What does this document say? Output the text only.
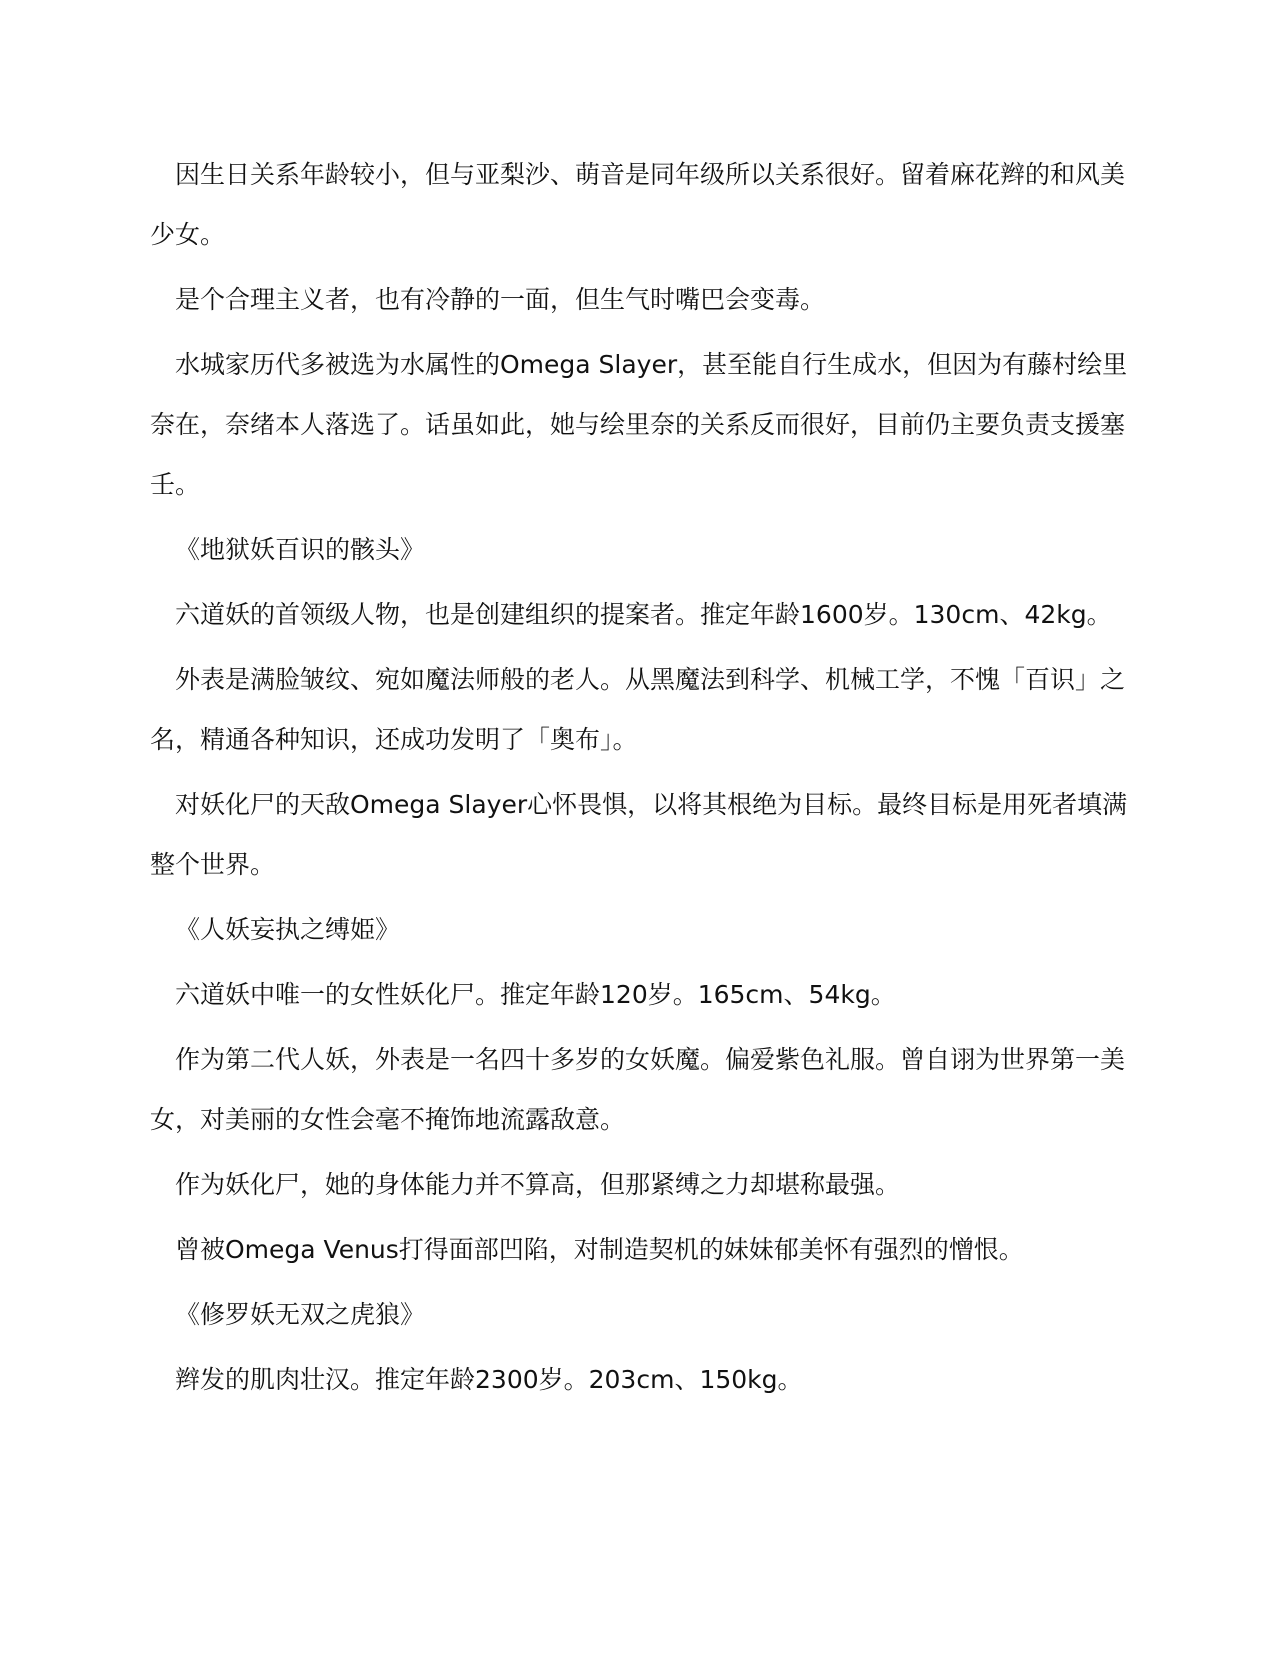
因生日关系年龄较小，但与亚梨沙、萌音是同年级所以关系很好。留着麻花辫的和风美少女。

是个合理主义者，也有冷静的一面，但生气时嘴巴会变毒。

水城家历代多被选为水属性的Omega Slayer，甚至能自行生成水，但因为有藤村绘里奈在，奈绪本人落选了。话虽如此，她与绘里奈的关系反而很好，目前仍主要负责支援塞壬。

《地狱妖百识的骸头》

六道妖的首领级人物，也是创建组织的提案者。推定年龄1600岁。130cm、42kg。

外表是满脸皱纹、宛如魔法师般的老人。从黑魔法到科学、机械工学，不愧「百识」之名，精通各种知识，还成功发明了「奥布」。

对妖化尸的天敌Omega Slayer心怀畏惧，以将其根绝为目标。最终目标是用死者填满整个世界。

《人妖妄执之缚姫》

六道妖中唯一的女性妖化尸。推定年龄120岁。165cm、54kg。

作为第二代人妖，外表是一名四十多岁的女妖魔。偏爱紫色礼服。曾自诩为世界第一美女，对美丽的女性会毫不掩饰地流露敌意。

作为妖化尸，她的身体能力并不算高，但那紧缚之力却堪称最强。

曾被Omega Venus打得面部凹陷，对制造契机的妹妹郁美怀有强烈的憎恨。

《修罗妖无双之虎狼》

辫发的肌肉壮汉。推定年龄2300岁。203cm、150kg。
